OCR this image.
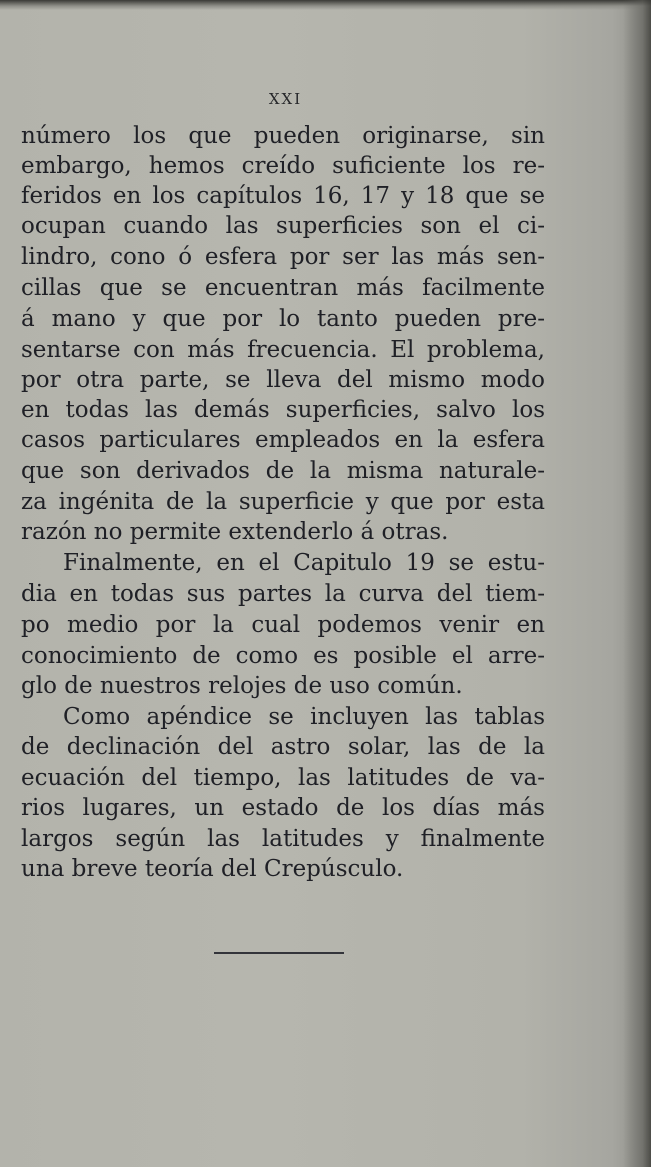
XXI
número los que pueden originarse, sin
embargo, hemos creído suficiente los re-
feridos en los capítulos 16, 17 y 18 que se
ocupan cuando las superficies son el ci-
lindro, cono ó esfera por ser las más sen-
cillas que se encuentran más facilmente
á mano y que por lo tanto pueden pre-
sentarse con más frecuencia. El problema,
por otra parte, se lleva del mismo modo
en todas las demás superficies, salvo los
casos particulares empleados en la esfera
que son derivados de la misma naturale-
za ingénita de la superficie y que por esta
razón no permite extenderlo á otras.
Finalmente, en el Capitulo 19 se estu-
dia en todas sus partes la curva del tiem-
po medio por la cual podemos venir en
conocimiento de como es posible el arre-
glo de nuestros relojes de uso común.
Como apéndice se incluyen las tablas
de declinación del astro solar, las de la
ecuación del tiempo, las latitudes de va-
rios lugares, un estado de los días más
largos según las latitudes y finalmente
una breve teoría del Crepúsculo.
